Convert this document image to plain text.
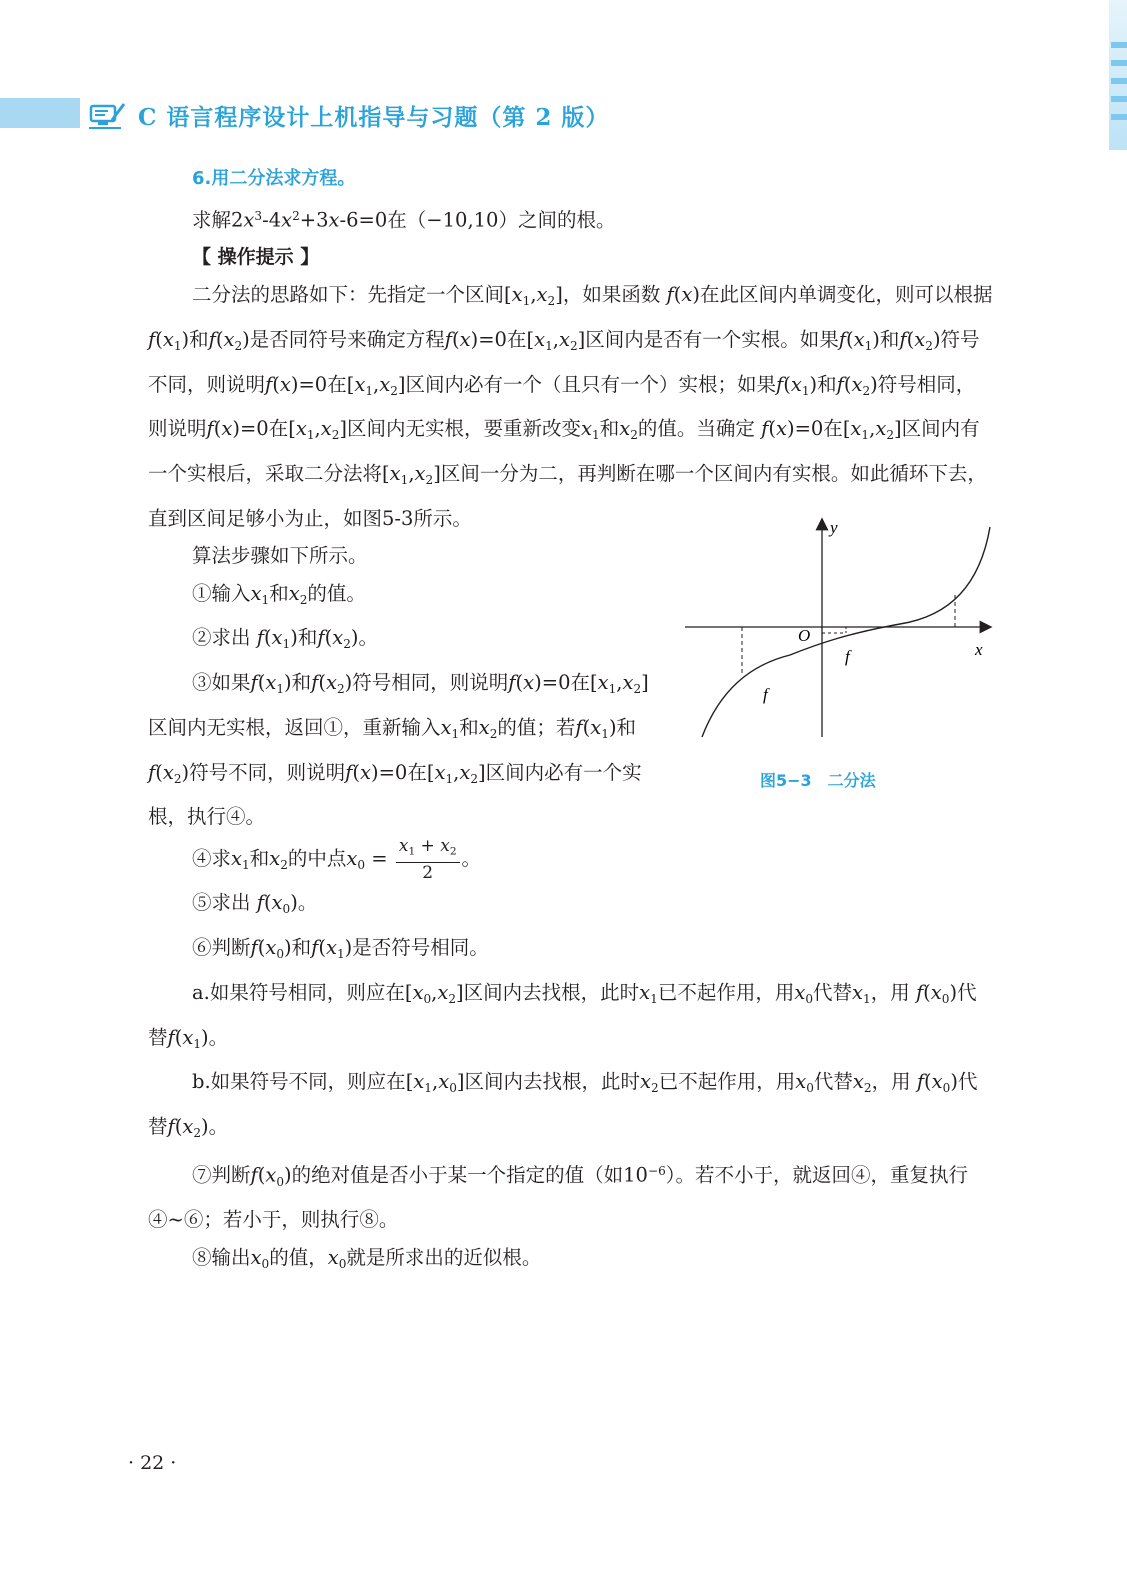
C 语言程序设计上机指导与习题（第 2 版）

6.用二分法求方程。

求解$2x^3-4x^2+3x-6=0$在（−10,10）之间的根。

【 操作提示 】

二分法的思路如下：先指定一个区间$[x_1,x_2]$，如果函数 f(x)在此区间内单调变化，则可以根据$f(x_1)$和$f(x_2)$是否同符号来确定方程f(x)=0在$[x_1,x_2]$区间内是否有一个实根。如果$f(x_1)$和$f(x_2)$符号不同，则说明f(x)=0在$[x_1,x_2]$区间内必有一个（且只有一个）实根；如果$f(x_1)$和$f(x_2)$符号相同，则说明f(x)=0在$[x_1,x_2]$区间内无实根，要重新改变$x_1$和$x_2$的值。当确定 f(x)=0在$[x_1,x_2]$区间内有一个实根后，采取二分法将$[x_1,x_2]$区间一分为二，再判断在哪一个区间内有实根。如此循环下去，直到区间足够小为止，如图5-3所示。

算法步骤如下所示。

①输入$x_1$和$x_2$的值。

②求出 $f(x_1)$和$f(x_2)$。

③如果$f(x_1)$和$f(x_2)$符号相同，则说明f(x)=0在$[x_1,x_2]$区间内无实根，返回①，重新输入$x_1$和$x_2$的值；若$f(x_1)$和$f(x_2)$符号不同，则说明f(x)=0在$[x_1,x_2]$区间内必有一个实根，执行④。

④求$x_1$和$x_2$的中点$x_0 = \frac{x_1 + x_2}{2}$ 。

⑤求出 $f(x_0)$。

⑥判断$f(x_0)$和$f(x_1)$是否符号相同。

a.如果符号相同，则应在$[x_0,x_2]$区间内去找根，此时$x_1$已不起作用，用$x_0$代替$x_1$，用 $f(x_0)$代替$f(x_1)$。

b.如果符号不同，则应在$[x_1,x_0]$区间内去找根，此时$x_2$已不起作用，用$x_0$代替$x_2$，用 $f(x_0)$代替$f(x_2)$。

⑦判断$f(x_0)$的绝对值是否小于某一个指定的值（如$10^{-6}$）。若不小于，就返回④，重复执行④~⑥；若小于，则执行⑧。

⑧输出$x_0$的值，$x_0$就是所求出的近似根。

y
x
O
f
f
图5−3　二分法
· 22 ·
